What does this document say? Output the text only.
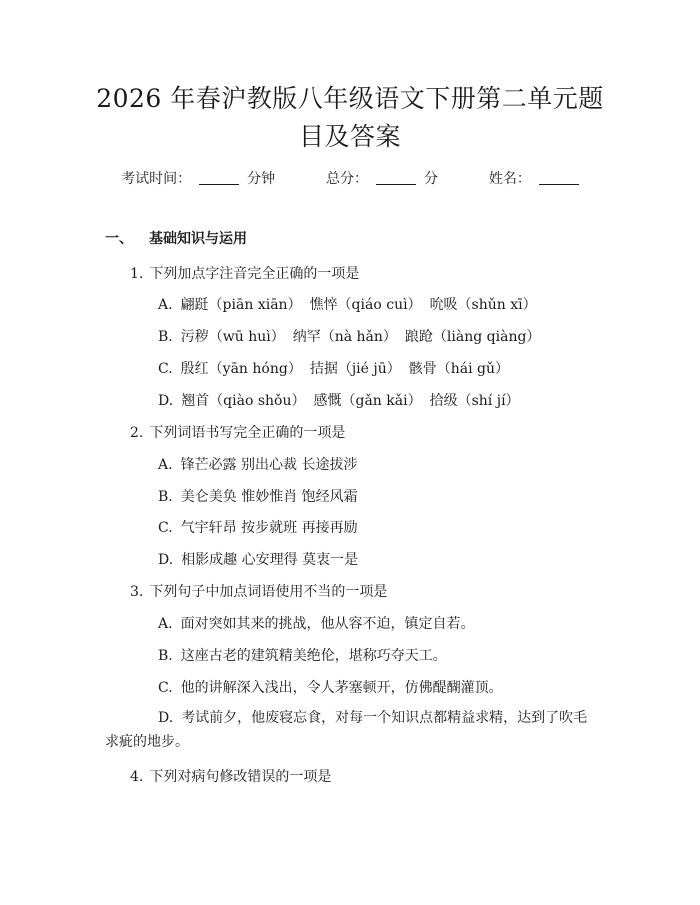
2026 年春沪教版八年级语文下册第二单元题
目及答案
考试时间：	分钟	总分：	分	姓名：
一、 基础知识与运用
1. 下列加点字注音完全正确的一项是
A. 翩跹（piān xiān） 憔悴（qiáo cuì） 吮吸（shǔn xī）
B. 污秽（wū huì） 纳罕（nà hǎn） 踉跄（liàng qiàng）
C. 殷红（yān hóng） 拮据（jié jū） 骸骨（hái gǔ）
D. 翘首（qiào shǒu） 感慨（gǎn kǎi） 拾级（shí jí）
2. 下列词语书写完全正确的一项是
A. 锋芒必露 别出心裁 长途拔涉
B. 美仑美奂 惟妙惟肖 饱经风霜
C. 气宇轩昂 按步就班 再接再励
D. 相影成趣 心安理得 莫衷一是
3. 下列句子中加点词语使用不当的一项是
A. 面对突如其来的挑战，他从容不迫，镇定自若。
B. 这座古老的建筑精美绝伦，堪称巧夺天工。
C. 他的讲解深入浅出，令人茅塞顿开，仿佛醍醐灌顶。
D. 考试前夕，他废寝忘食，对每一个知识点都精益求精，达到了吹毛求疵的地步。
4. 下列对病句修改错误的一项是
